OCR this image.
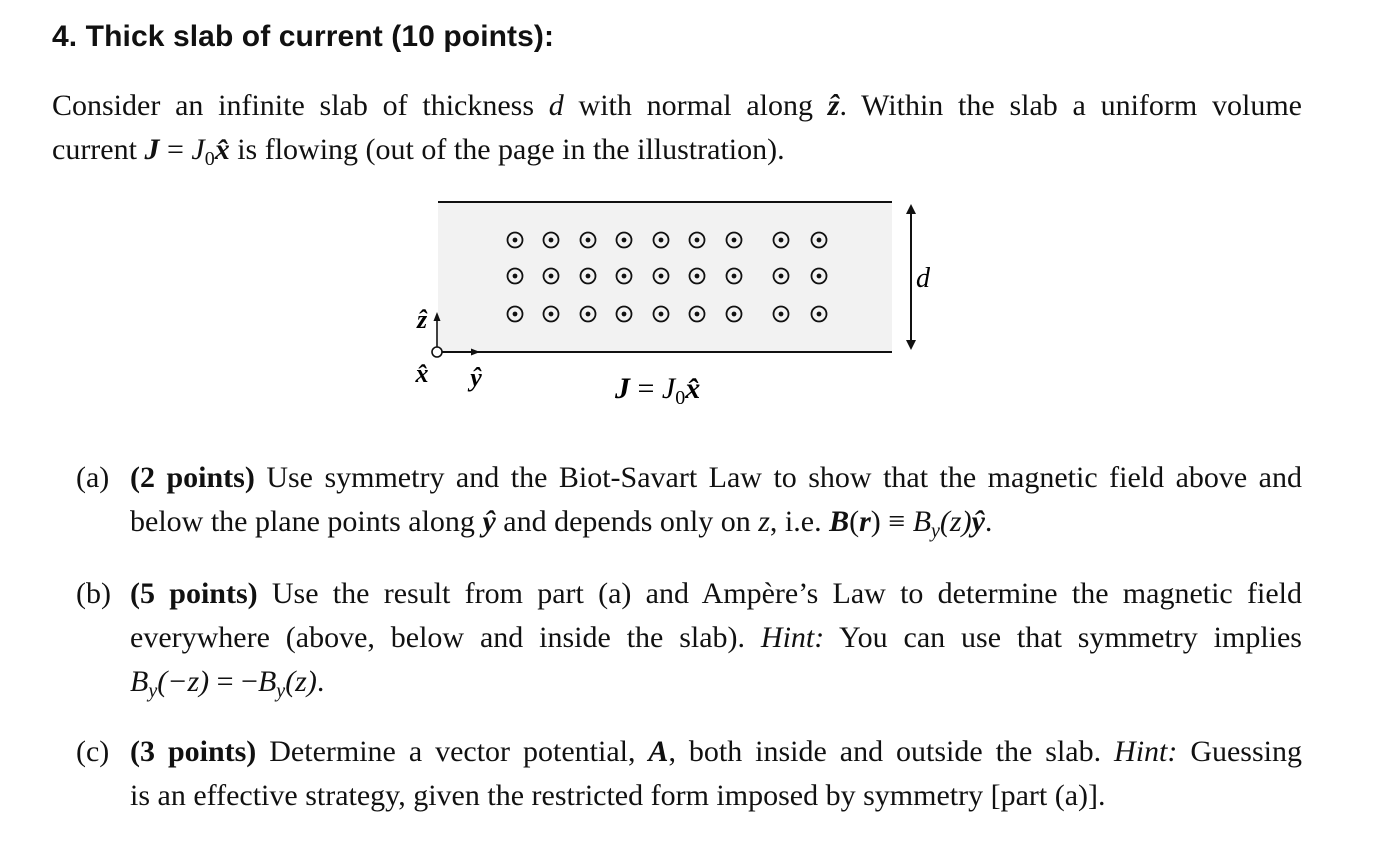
4. Thick slab of current (10 points):
Consider an infinite slab of thickness d with normal along ẑ. Within the slab a uniform volume
current $J = J_0x̂$ is flowing (out of the page in the illustration).
d
ẑ
x̂ ŷ	$J = J_0x̂$
(a) (2 points) Use symmetry and the Biot-Savart Law to show that the magnetic field above and
below the plane points along ŷ and depends only on z, i.e. $B(r) \equiv B_y(z)ŷ$.
(b) (5 points) Use the result from part (a) and Ampère’s Law to determine the magnetic field
everywhere (above, below and inside the slab). Hint: You can use that symmetry implies
$B_y(-z) = -B_y(z)$.
(c) (3 points) Determine a vector potential, A, both inside and outside the slab. Hint: Guessing
is an effective strategy, given the restricted form imposed by symmetry [part (a)].
